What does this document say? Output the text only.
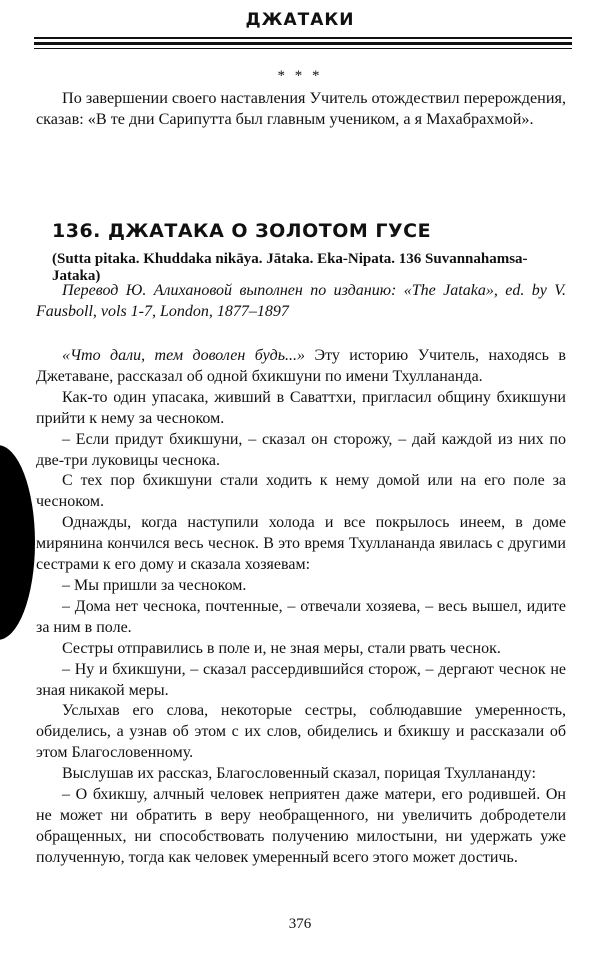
ДЖАТАКИ
* * *
По завершении своего наставления Учитель отождествил перерождения, сказав: «В те дни Сарипутта был главным учеником, а я Махабрахмой».
136. ДЖАТАКА О ЗОЛОТОМ ГУСЕ
(Sutta pitaka. Khuddaka nikāya. Jātaka. Eka-Nipata. 136 Suvannahamsa-Jataka)
Перевод Ю. Алихановой выполнен по изданию: «The Jataka», ed. by V. Fausboll, vols 1-7, London, 1877–1897

«Что дали, тем доволен будь...» Эту историю Учитель, находясь в Джетаване, рассказал об одной бхикшуни по имени Тхулланандa.

Как-то один упасака, живший в Саваттхи, пригласил общину бхикшуни прийти к нему за чесноком.

– Если придут бхикшуни, – сказал он сторожу, – дай каждой из них по две-три луковицы чеснока.

С тех пор бхикшуни стали ходить к нему домой или на его поле за чесноком.

Однажды, когда наступили холода и все покрылось инеем, в доме мирянина кончился весь чеснок. В это время Тхулланандa явилась с другими сестрами к его дому и сказала хозяевам:

– Мы пришли за чесноком.

– Дома нет чеснока, почтенные, – отвечали хозяева, – весь вышел, идите за ним в поле.

Сестры отправились в поле и, не зная меры, стали рвать чеснок.

– Ну и бхикшуни, – сказал рассердившийся сторож, – дергают чеснок не зная никакой меры.

Услыхав его слова, некоторые сестры, соблюдавшие умеренность, обиделись, а узнав об этом с их слов, обиделись и бхикшу и рассказали об этом Благословенному.

Выслушав их рассказ, Благословенный сказал, порицая Тхулланандy:

– О бхикшу, алчный человек неприятен даже матери, его родившей. Он не может ни обратить в веру необращенного, ни увеличить добродетели обращенных, ни способствовать получению милостыни, ни удержать уже полученную, тогда как человек умеренный всего этого может достичь.

376
